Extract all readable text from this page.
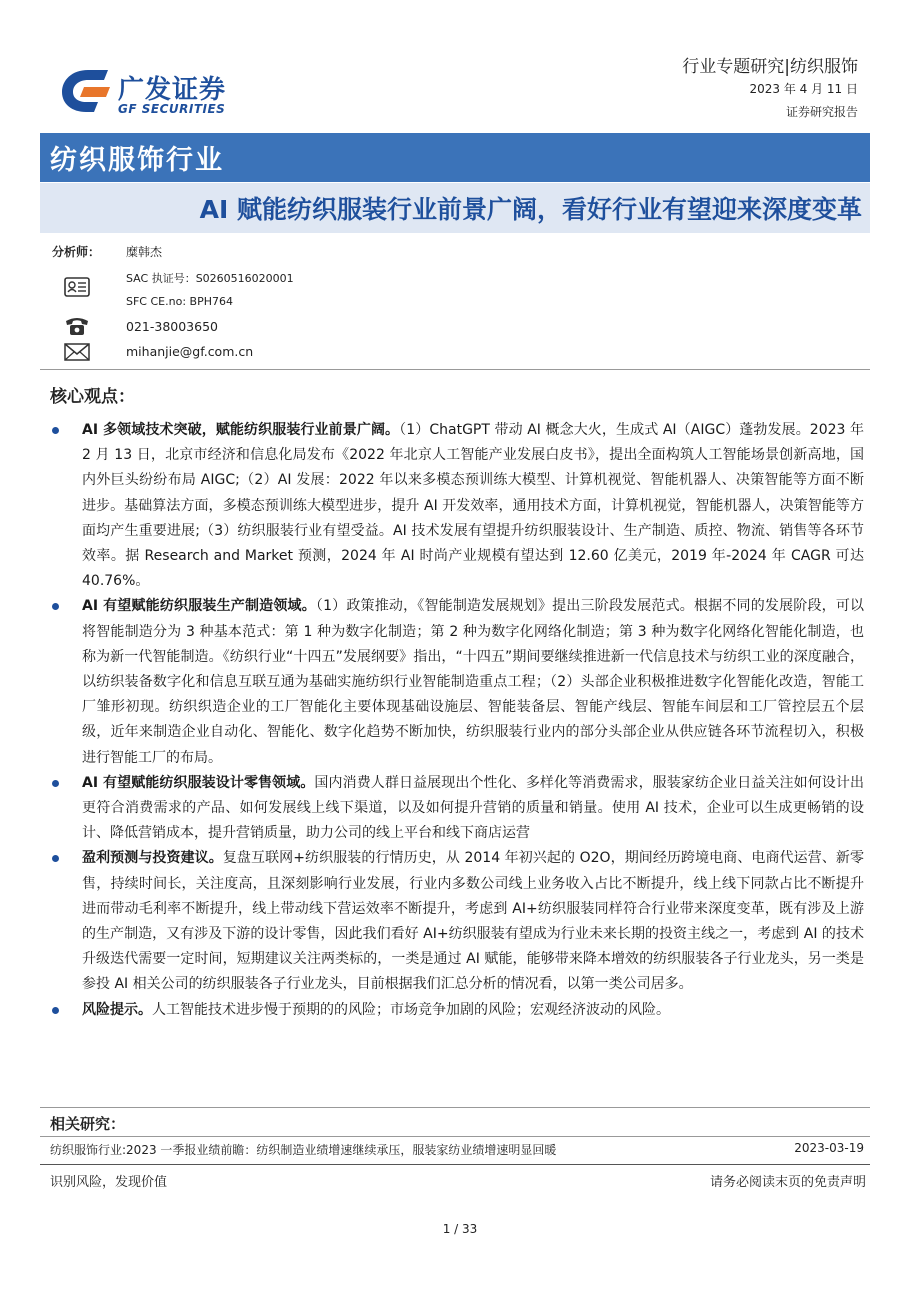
广发证券
GF SECURITIES
行业专题研究|纺织服饰
2023 年 4 月 11 日
证券研究报告
纺织服饰行业
AI 赋能纺织服装行业前景广阔，看好行业有望迎来深度变革
分析师： 糜韩杰
SAC 执证号：S0260516020001
SFC CE.no: BPH764
021-38003650
mihanjie@gf.com.cn
核心观点：

AI 多领域技术突破，赋能纺织服装行业前景广阔。（1）ChatGPT 带动 AI 概念大火，生成式 AI（AIGC）蓬勃发展。2023 年 2 月 13 日，北京市经济和信息化局发布《2022 年北京人工智能产业发展白皮书》，提出全面构筑人工智能场景创新高地，国内外巨头纷纷布局 AIGC;（2）AI 发展：2022 年以来多模态预训练大模型、计算机视觉、智能机器人、决策智能等方面不断进步。基础算法方面，多模态预训练大模型进步，提升 AI 开发效率，通用技术方面，计算机视觉，智能机器人，决策智能等方面均产生重要进展;（3）纺织服装行业有望受益。AI 技术发展有望提升纺织服装设计、生产制造、质控、物流、销售等各环节效率。据 Research and Market 预测，2024 年 AI 时尚产业规模有望达到 12.60 亿美元，2019 年-2024 年 CAGR 可达 40.76%。

AI 有望赋能纺织服装生产制造领域。（1）政策推动，《智能制造发展规划》提出三阶段发展范式。根据不同的发展阶段，可以将智能制造分为 3 种基本范式：第 1 种为数字化制造；第 2 种为数字化网络化制造；第 3 种为数字化网络化智能化制造，也称为新一代智能制造。《纺织行业“十四五”发展纲要》指出，“十四五”期间要继续推进新一代信息技术与纺织工业的深度融合，以纺织装备数字化和信息互联互通为基础实施纺织行业智能制造重点工程；（2）头部企业积极推进数字化智能化改造，智能工厂雏形初现。纺织织造企业的工厂智能化主要体现基础设施层、智能装备层、智能产线层、智能车间层和工厂管控层五个层级，近年来制造企业自动化、智能化、数字化趋势不断加快，纺织服装行业内的部分头部企业从供应链各环节流程切入，积极进行智能工厂的布局。

AI 有望赋能纺织服装设计零售领域。国内消费人群日益展现出个性化、多样化等消费需求，服装家纺企业日益关注如何设计出更符合消费需求的产品、如何发展线上线下渠道，以及如何提升营销的质量和销量。使用 AI 技术，企业可以生成更畅销的设计、降低营销成本，提升营销质量，助力公司的线上平台和线下商店运营

盈利预测与投资建议。复盘互联网+纺织服装的行情历史，从 2014 年初兴起的 O2O，期间经历跨境电商、电商代运营、新零售，持续时间长，关注度高，且深刻影响行业发展，行业内多数公司线上业务收入占比不断提升，线上线下同款占比不断提升进而带动毛利率不断提升，线上带动线下营运效率不断提升，考虑到 AI+纺织服装同样符合行业带来深度变革，既有涉及上游的生产制造，又有涉及下游的设计零售，因此我们看好 AI+纺织服装有望成为行业未来长期的投资主线之一，考虑到 AI 的技术升级迭代需要一定时间，短期建议关注两类标的，一类是通过 AI 赋能，能够带来降本增效的纺织服装各子行业龙头，另一类是参投 AI 相关公司的纺织服装各子行业龙头，目前根据我们汇总分析的情况看，以第一类公司居多。

风险提示。人工智能技术进步慢于预期的的风险；市场竞争加剧的风险；宏观经济波动的风险。

相关研究：
纺织服饰行业:2023 一季报业绩前瞻：纺织制造业绩增速继续承压，服装家纺业绩增速明显回暖	2023-03-19
识别风险，发现价值	请务必阅读末页的免责声明
1 / 33
